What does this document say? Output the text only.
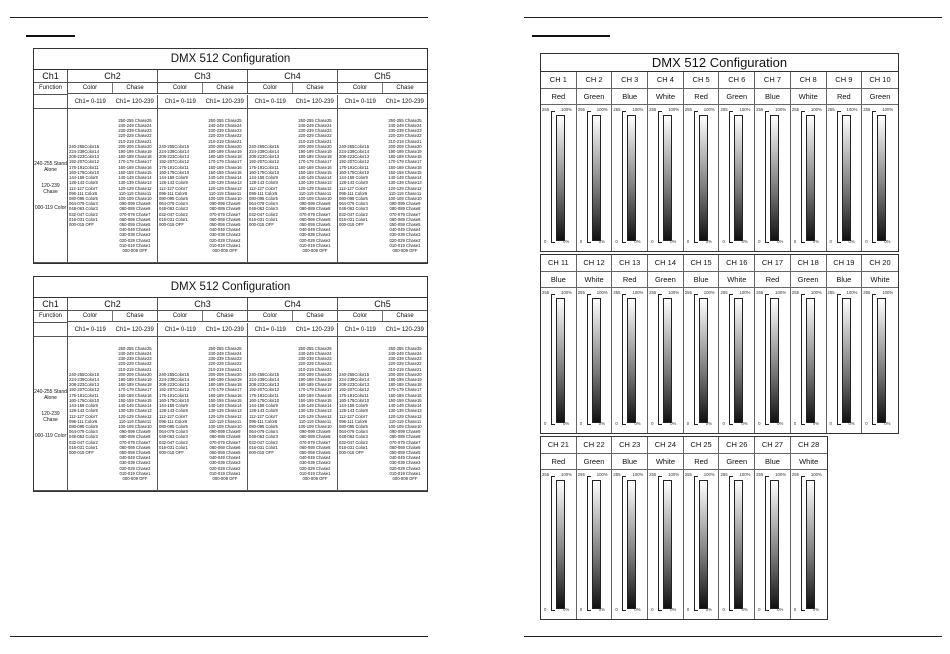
DMX 512 Configuration
Ch1	Ch2	Ch3	Ch4	Ch5
Function	Color	Chase	Color	Chase	Color	Chase	Color	Chase
Ch1= 0-119	Ch1= 120-239	Ch1= 0-119	Ch1= 120-239	Ch1= 0-119	Ch1= 120-239	Ch1= 0-119	Ch1= 120-239
240-255 Stand Alone
120-239 Chase
000-119 Color
240-255Color15
224-239Color14
208-223Color13
192-207Color12
176-191Color11
160-175Color10
144-159 Color9
128-143 Color8
112-127 Color7
096-111 Color6
080-095 Color5
064-079 Color4
048-063 Color3
032-047 Color2
016-031 Color1
000-015 OFF
250-255 Chase25
240-249 Chase24
230-239 Chase23
220-229 Chase22
210-219 Chase21
200-209 Chase20
190-199 Chase19
180-189 Chase18
170-179 Chase17
160-169 Chase16
150-159 Chase15
140-149 Chase14
130-139 Chase13
120-129 Chase12
110-119 Chase11
100-109 Chase10
090-099 Chase9
080-089 Chase8
070-079 Chase7
060-069 Chase6
050-059 Chase5
040-049 Chase4
030-039 Chase3
020-029 Chase2
010-019 Chase1
000-009 OFF
240-255Color15
224-239Color14
208-223Color13
192-207Color12
176-191Color11
160-175Color10
144-159 Color9
128-143 Color8
112-127 Color7
096-111 Color6
080-095 Color5
064-079 Color4
048-063 Color3
032-047 Color2
016-031 Color1
000-015 OFF
250-255 Chase25
240-249 Chase24
230-239 Chase23
220-229 Chase22
210-219 Chase21
200-209 Chase20
190-199 Chase19
180-189 Chase18
170-179 Chase17
160-169 Chase16
150-159 Chase15
140-149 Chase14
130-139 Chase13
120-129 Chase12
110-119 Chase11
100-109 Chase10
090-099 Chase9
080-089 Chase8
070-079 Chase7
060-069 Chase6
050-059 Chase5
040-049 Chase4
030-039 Chase3
020-029 Chase2
010-019 Chase1
000-009 OFF
240-255Color15
224-239Color14
208-223Color13
192-207Color12
176-191Color11
160-175Color10
144-159 Color9
128-143 Color8
112-127 Color7
096-111 Color6
080-095 Color5
064-079 Color4
048-063 Color3
032-047 Color2
016-031 Color1
000-015 OFF
250-255 Chase25
240-249 Chase24
230-239 Chase23
220-229 Chase22
210-219 Chase21
200-209 Chase20
190-199 Chase19
180-189 Chase18
170-179 Chase17
160-169 Chase16
150-159 Chase15
140-149 Chase14
130-139 Chase13
120-129 Chase12
110-119 Chase11
100-109 Chase10
090-099 Chase9
080-089 Chase8
070-079 Chase7
060-069 Chase6
050-059 Chase5
040-049 Chase4
030-039 Chase3
020-029 Chase2
010-019 Chase1
000-009 OFF
240-255Color15
224-239Color14
208-223Color13
192-207Color12
176-191Color11
160-175Color10
144-159 Color9
128-143 Color8
112-127 Color7
096-111 Color6
080-095 Color5
064-079 Color4
048-063 Color3
032-047 Color2
016-031 Color1
000-015 OFF
250-255 Chase25
240-249 Chase24
230-239 Chase23
220-229 Chase22
210-219 Chase21
200-209 Chase20
190-199 Chase19
180-189 Chase18
170-179 Chase17
160-169 Chase16
150-159 Chase15
140-149 Chase14
130-139 Chase13
120-129 Chase12
110-119 Chase11
100-109 Chase10
090-099 Chase9
080-089 Chase8
070-079 Chase7
060-069 Chase6
050-059 Chase5
040-049 Chase4
030-039 Chase3
020-029 Chase2
010-019 Chase1
000-009 OFF
DMX 512 Configuration
Ch1	Ch2	Ch3	Ch4	Ch5
Function	Color	Chase	Color	Chase	Color	Chase	Color	Chase
Ch1= 0-119	Ch1= 120-239	Ch1= 0-119	Ch1= 120-239	Ch1= 0-119	Ch1= 120-239	Ch1= 0-119	Ch1= 120-239
240-255 Stand Alone
120-239 Chase
000-119 Color
240-255Color15
224-239Color14
208-223Color13
192-207Color12
176-191Color11
160-175Color10
144-159 Color9
128-143 Color8
112-127 Color7
096-111 Color6
080-095 Color5
064-079 Color4
048-063 Color3
032-047 Color2
016-031 Color1
000-015 OFF
250-255 Chase25
240-249 Chase24
230-239 Chase23
220-229 Chase22
210-219 Chase21
200-209 Chase20
190-199 Chase19
180-189 Chase18
170-179 Chase17
160-169 Chase16
150-159 Chase15
140-149 Chase14
130-139 Chase13
120-129 Chase12
110-119 Chase11
100-109 Chase10
090-099 Chase9
080-089 Chase8
070-079 Chase7
060-069 Chase6
050-059 Chase5
040-049 Chase4
030-039 Chase3
020-029 Chase2
010-019 Chase1
000-009 OFF
240-255Color15
224-239Color14
208-223Color13
192-207Color12
176-191Color11
160-175Color10
144-159 Color9
128-143 Color8
112-127 Color7
096-111 Color6
080-095 Color5
064-079 Color4
048-063 Color3
032-047 Color2
016-031 Color1
000-015 OFF
250-255 Chase25
240-249 Chase24
230-239 Chase23
220-229 Chase22
210-219 Chase21
200-209 Chase20
190-199 Chase19
180-189 Chase18
170-179 Chase17
160-169 Chase16
150-159 Chase15
140-149 Chase14
130-139 Chase13
120-129 Chase12
110-119 Chase11
100-109 Chase10
090-099 Chase9
080-089 Chase8
070-079 Chase7
060-069 Chase6
050-059 Chase5
040-049 Chase4
030-039 Chase3
020-029 Chase2
010-019 Chase1
000-009 OFF
240-255Color15
224-239Color14
208-223Color13
192-207Color12
176-191Color11
160-175Color10
144-159 Color9
128-143 Color8
112-127 Color7
096-111 Color6
080-095 Color5
064-079 Color4
048-063 Color3
032-047 Color2
016-031 Color1
000-015 OFF
250-255 Chase25
240-249 Chase24
230-239 Chase23
220-229 Chase22
210-219 Chase21
200-209 Chase20
190-199 Chase19
180-189 Chase18
170-179 Chase17
160-169 Chase16
150-159 Chase15
140-149 Chase14
130-139 Chase13
120-129 Chase12
110-119 Chase11
100-109 Chase10
090-099 Chase9
080-089 Chase8
070-079 Chase7
060-069 Chase6
050-059 Chase5
040-049 Chase4
030-039 Chase3
020-029 Chase2
010-019 Chase1
000-009 OFF
240-255Color15
224-239Color14
208-223Color13
192-207Color12
176-191Color11
160-175Color10
144-159 Color9
128-143 Color8
112-127 Color7
096-111 Color6
080-095 Color5
064-079 Color4
048-063 Color3
032-047 Color2
016-031 Color1
000-015 OFF
250-255 Chase25
240-249 Chase24
230-239 Chase23
220-229 Chase22
210-219 Chase21
200-209 Chase20
190-199 Chase19
180-189 Chase18
170-179 Chase17
160-169 Chase16
150-159 Chase15
140-149 Chase14
130-139 Chase13
120-129 Chase12
110-119 Chase11
100-109 Chase10
090-099 Chase9
080-089 Chase8
070-079 Chase7
060-069 Chase6
050-059 Chase5
040-049 Chase4
030-039 Chase3
020-029 Chase2
010-019 Chase1
000-009 OFF
DMX 512 Configuration
CH 1	CH 2	CH 3	CH 4	CH 5	CH 6	CH 7	CH 8	CH 9	CH 10
Red	Green	Blue	White	Red	Green	Blue	White	Red	Green
255	100%
0	0%
255	100%
0	0%
255	100%
0	0%
255	100%
0	0%
255	100%
0	0%
255	100%
0	0%
255	100%
0	0%
255	100%
0	0%
255	100%
0	0%
255	100%
0	0%
CH 11	CH 12	CH 13	CH 14	CH 15	CH 16	CH 17	CH 18	CH 19	CH 20
Blue	White	Red	Green	Blue	White	Red	Green	Blue	White
255	100%
0	0%
255	100%
0	0%
255	100%
0	0%
255	100%
0	0%
255	100%
0	0%
255	100%
0	0%
255	100%
0	0%
255	100%
0	0%
255	100%
0	0%
255	100%
0	0%
CH 21	CH 22	CH 23	CH 24	CH 25	CH 26	CH 27	CH 28
Red	Green	Blue	White	Red	Green	Blue	White
255	100%
0	0%
255	100%
0	0%
255	100%
0	0%
255	100%
0	0%
255	100%
0	0%
255	100%
0	0%
255	100%
0	0%
255	100%
0	0%
